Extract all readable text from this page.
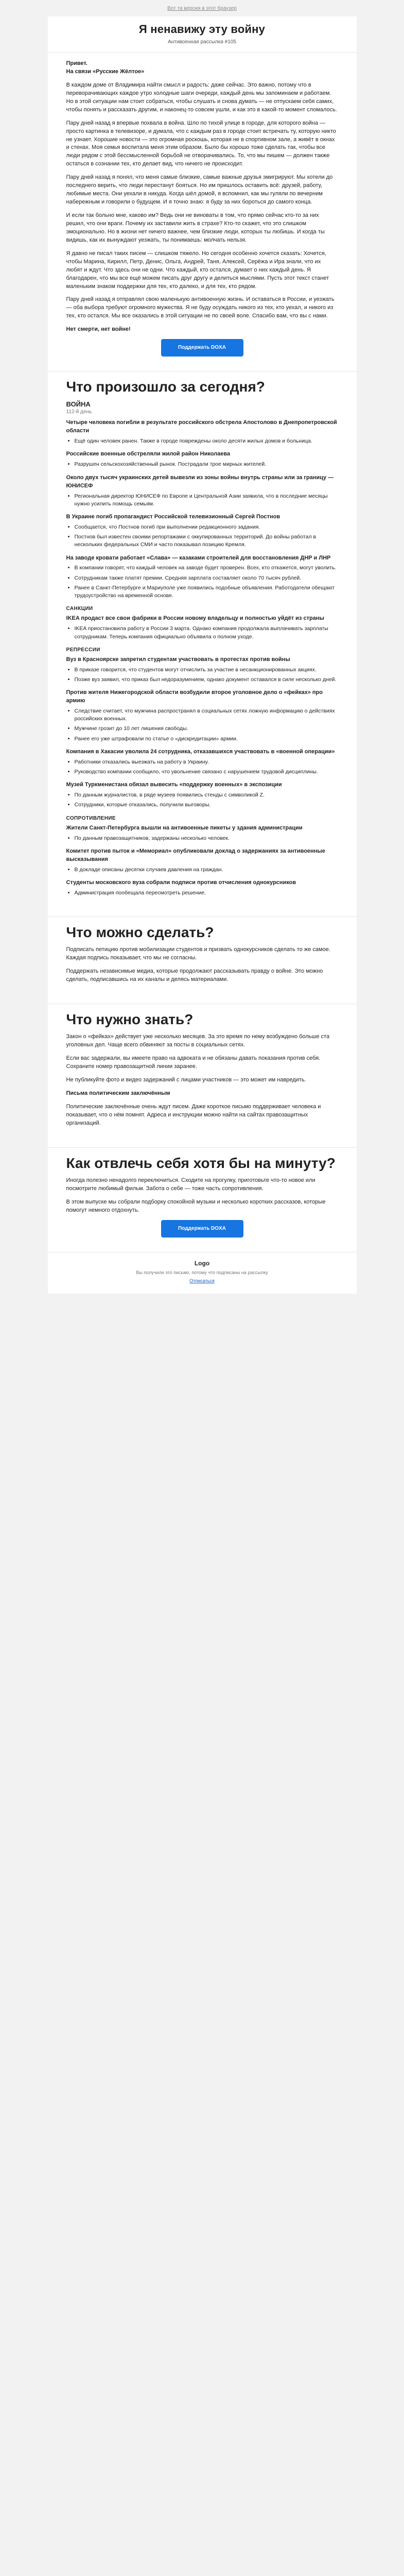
Вот та версия в этот браузер
Я ненавижу эту войну
Антивоенная рассылка #105

Привет.
На связи «Русские Жёлтое»

В каждом доме от Владимира найти смысл и радость: даже сейчас. Это важно, потому что в переворачивающих каждое утро холодные шаги очереди, каждый день мы запоминаем и работаем. Но в этой ситуации нам стоит собраться, чтобы слушать и снова думать — не отпускаем себя самих, чтобы понять и рассказать другим, и наконец-то совсем ушли, и как это в какой-то момент сломалось.

Пару дней назад я впервые похвала в война. Шло по тихой улице в городе, для которого война — просто картинка в телевизоре, и думала, что с каждым раз в городе стоит встречать ту, которую никто не узнает. Хорошие новости — это огромная роскошь, которая не в спортивном зале, а живёт в окнах и стенах. Моя семья воспитала меня этим образом. Было бы хорошо тоже сделать так, чтобы все люди рядом с этой бессмысленной борьбой не отворачивались. То, что мы пишем — должен также остаться в сознании тех, кто делает вид, что ничего не происходит.

Пару дней назад я понял, что меня самые близкие, самые важные друзья эмигрируют. Мы хотели до последнего верить, что люди перестанут бояться. Но им пришлось оставить всё: друзей, работу, любимые места. Они уехали в никуда. Когда шёл домой, я вспомнил, как мы гуляли по вечерним набережным и говорили о будущем. И я точно знаю: я буду за них бороться до самого конца.

И если так больно мне, каково им? Ведь они не виноваты в том, что прямо сейчас кто-то за них решил, что они враги. Почему их заставили жить в страхе? Кто-то скажет, что это слишком эмоционально. Но в жизни нет ничего важнее, чем близкие люди, которых ты любишь. И когда ты видишь, как их вынуждают уезжать, ты понимаешь: молчать нельзя.

Я давно не писал таких писем — слишком тяжело. Но сегодня особенно хочется сказать: Хочется, чтобы Марина, Кирилл, Петр, Денис, Ольга, Андрей, Таня, Алексей, Серёжа и Ира знали, что их любят и ждут. Что здесь они не одни. Что каждый, кто остался, думает о них каждый день. Я благодарен, что мы все ещё можем писать друг другу и делиться мыслями. Пусть этот текст станет маленьким знаком поддержки для тех, кто далеко, и для тех, кто рядом.

Пару дней назад я отправлял свою маленькую антивоенную жизнь. И оставаться в России, и уезжать — оба выбора требуют огромного мужества. Я не буду осуждать никого из тех, кто уехал, и никого из тех, кто остался. Мы все оказались в этой ситуации не по своей воле. Спасибо вам, что вы с нами.

Нет смерти, нет войне!

Поддержать DOXA
Что произошло за сегодня?
ВОЙНА
112-й день

Четыре человека погибли в результате российского обстрела Апостолово в Днепропетровской области

• Ещё один человек ранен. Также в городе повреждены около десяти жилых домов и больница.

Российские военные обстреляли жилой район Николаева

• Разрушен сельскохозяйственный рынок. Пострадали трое мирных жителей.

Около двух тысяч украинских детей вывезли из зоны войны внутрь страны или за границу — ЮНИСЕФ

• Региональная директор ЮНИСЕФ по Европе и Центральной Азии заявила, что в последние месяцы нужно усилить помощь семьям.

В Украине погиб пропагандист Российской телевизионный Сергей Постнов

• Сообщается, что Постнов погиб при выполнении редакционного задания.
• Постнов был известен своими репортажами с оккупированных территорий. До войны работал в нескольких федеральных СМИ и часто показывал позицию Кремля.

На заводе кровати работает «Слава» — казаками строителей для восстановления ДНР и ЛНР

• В компании говорят, что каждый человек на заводе будет проверен. Всех, кто откажется, могут уволить.
• Сотрудникам также платят премии. Средняя зарплата составляет около 70 тысяч рублей.
• Ранее в Санкт-Петербурге и Мариуполе уже появились подобные объявления. Работодатели обещают трудоустройство на временной основе.
САНКЦИИ

IKEA продаст все свои фабрики в России новому владельцу и полностью уйдёт из страны

• IKEA приостановила работу в России 3 марта. Однако компания продолжала выплачивать зарплаты сотрудникам. Теперь компания официально объявила о полном уходе.
РЕПРЕССИИ

Вуз в Красноярске запретил студентам участвовать в протестах против войны

• В приказе говорится, что студентов могут отчислить за участие в несанкционированных акциях.
• Позже вуз заявил, что приказ был недоразумением, однако документ оставался в силе несколько дней.

Против жителя Нижегородской области возбудили второе уголовное дело о «фейках» про армию

• Следствие считает, что мужчина распространял в социальных сетях ложную информацию о действиях российских военных.
• Мужчине грозит до 10 лет лишения свободы.
• Ранее его уже штрафовали по статье о «дискредитации» армии.

Компания в Хакасии уволила 24 сотрудника, отказавшихся участвовать в «военной операции»

• Работники отказались выезжать на работу в Украину.
• Руководство компании сообщило, что увольнение связано с нарушением трудовой дисциплины.

Музей Туркменистана обязал вывесить «поддержку военных» в экспозиции

• По данным журналистов, в ряде музеев появились стенды с символикой Z.
• Сотрудники, которые отказались, получили выговоры.
СОПРОТИВЛЕНИЕ

Жители Санкт-Петербурга вышли на антивоенные пикеты у здания администрации

• По данным правозащитников, задержаны несколько человек.

Комитет против пыток и «Мемориал» опубликовали доклад о задержаниях за антивоенные высказывания

• В докладе описаны десятки случаев давления на граждан.

Студенты московского вуза собрали подписи против отчисления однокурсников

• Администрация пообещала пересмотреть решение.
Что можно сделать?

Подписать петицию против мобилизации студентов и призвать однокурсников сделать то же самое. Каждая подпись показывает, что мы не согласны.

Поддержать независимые медиа, которые продолжают рассказывать правду о войне. Это можно сделать, подписавшись на их каналы и делясь материалами.

Что нужно знать?

Закон о «фейках» действует уже несколько месяцев. За это время по нему возбуждено больше ста уголовных дел. Чаще всего обвиняют за посты в социальных сетях.

Если вас задержали, вы имеете право на адвоката и не обязаны давать показания против себя. Сохраните номер правозащитной линии заранее.

Не публикуйте фото и видео задержаний с лицами участников — это может им навредить.

Письма политическим заключённым

Политические заключённые очень ждут писем. Даже короткое письмо поддерживает человека и показывает, что о нём помнят. Адреса и инструкции можно найти на сайтах правозащитных организаций.

Как отвлечь себя хотя бы на минуту?

Иногда полезно ненадолго переключиться. Сходите на прогулку, приготовьте что-то новое или посмотрите любимый фильм. Забота о себе — тоже часть сопротивления.

В этом выпуске мы собрали подборку спокойной музыки и несколько коротких рассказов, которые помогут немного отдохнуть.

Поддержать DOXA
Logo
Вы получили это письмо, потому что подписаны на рассылку
Отписаться
